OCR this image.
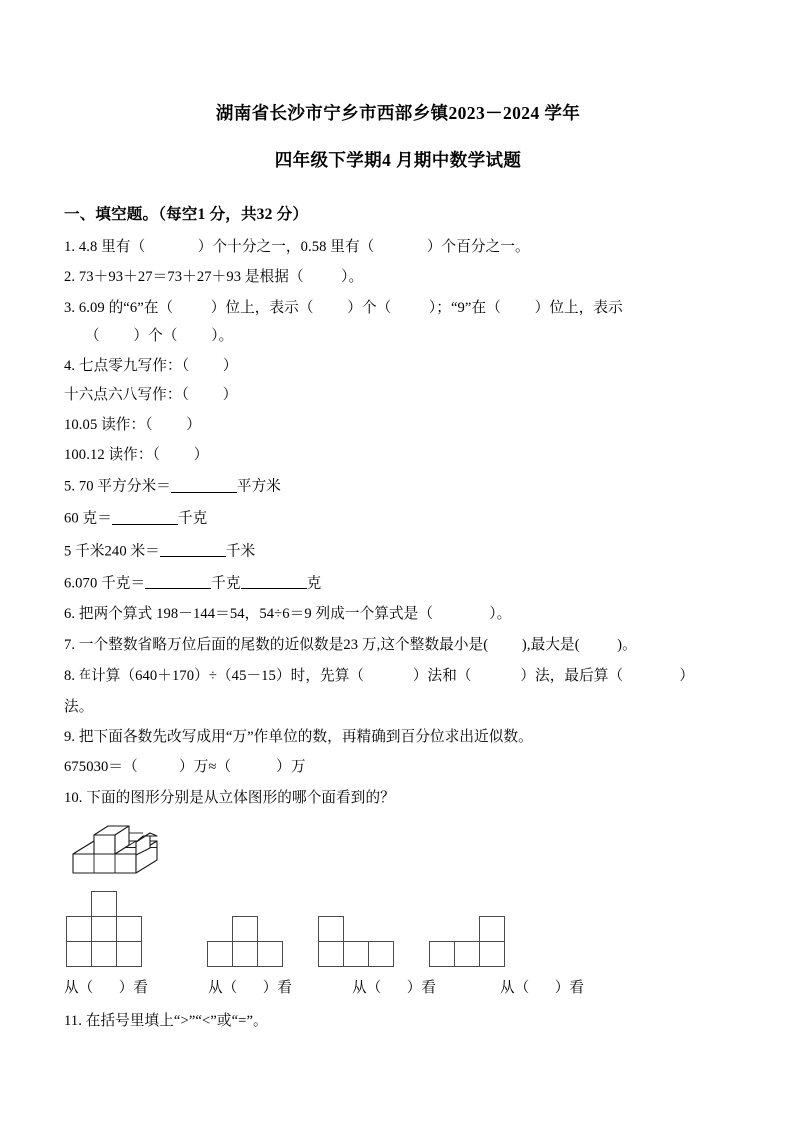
湖南省长沙市宁乡市西部乡镇2023－2024 学年
四年级下学期4 月期中数学试题
一、填空题。（每空1 分，共32 分）
1. 4.8 里有（              ）个十分之一，0.58 里有（              ）个百分之一。
2. 73＋93＋27＝73＋27＋93 是根据（          ）。
3. 6.09 的“6”在（          ）位上，表示（         ）个（          ）；“9”在（         ）位上，表示
（         ）个（         ）。
4. 七点零九写作：（         ）
十六点六八写作：（         ）
10.05 读作：（         ）
100.12 读作：（         ）
5. 70 平方分米＝	平方米
60 克＝	千克
5 千米240 米＝	千米
6.070 千克＝	千克	克
6. 把两个算式 198－144＝54，54÷6＝9 列成一个算式是（               ）。
7. 一个整数省略万位后面的尾数的近似数是23 万,这个整数最小是(         ),最大是(          )。
8. 在计算（640＋170）÷（45－15）时，先算（             ）法和（             ）法，最后算（               ）
法。
9. 把下面各数先改写成用“万”作单位的数，再精确到百分位求出近似数。
675030＝（           ）万≈（            ）万
10. 下面的图形分别是从立体图形的哪个面看到的？
从（       ）看	从（       ）看	从（       ）看	从（       ）看
11. 在括号里填上“>”“<”或“=”。
